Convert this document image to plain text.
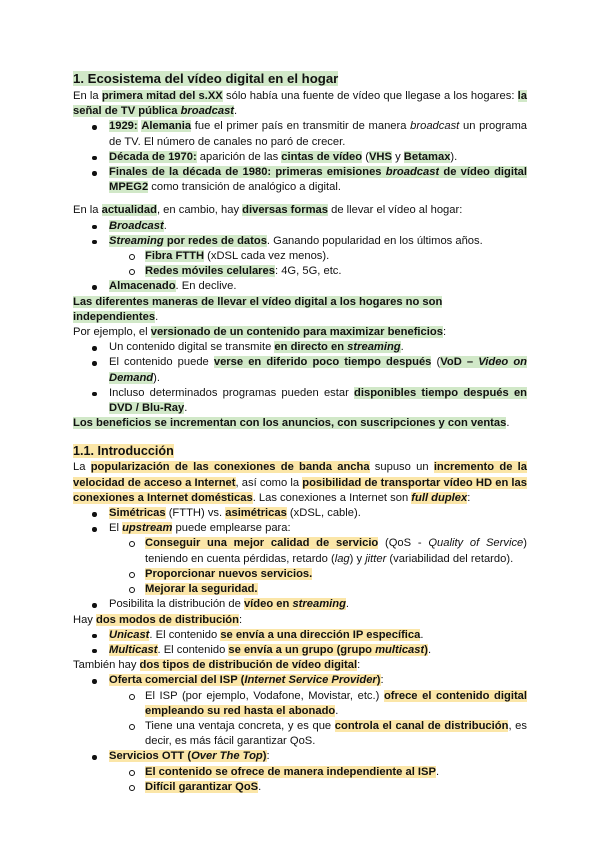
1. Ecosistema del vídeo digital en el hogar

En la primera mitad del s.XX sólo había una fuente de vídeo que llegase a los hogares: la señal de TV pública broadcast.

1929: Alemania fue el primer país en transmitir de manera broadcast un programa de TV. El número de canales no paró de crecer.
Década de 1970: aparición de las cintas de vídeo (VHS y Betamax).
Finales de la década de 1980: primeras emisiones broadcast de vídeo digital MPEG2 como transición de analógico a digital.

En la actualidad, en cambio, hay diversas formas de llevar el vídeo al hogar:

Broadcast.
Streaming por redes de datos. Ganando popularidad en los últimos años.
Fibra FTTH (xDSL cada vez menos).
Redes móviles celulares: 4G, 5G, etc.
Almacenado. En declive.

Las diferentes maneras de llevar el vídeo digital a los hogares no son independientes.

Por ejemplo, el versionado de un contenido para maximizar beneficios:

Un contenido digital se transmite en directo en streaming.
El contenido puede verse en diferido poco tiempo después (VoD – Video on Demand).
Incluso determinados programas pueden estar disponibles tiempo después en DVD / Blu-Ray.

Los beneficios se incrementan con los anuncios, con suscripciones y con ventas.

1.1. Introducción

La popularización de las conexiones de banda ancha supuso un incremento de la velocidad de acceso a Internet, así como la posibilidad de transportar vídeo HD en las conexiones a Internet domésticas. Las conexiones a Internet son full duplex:

Simétricas (FTTH) vs. asimétricas (xDSL, cable).
El upstream puede emplearse para:
Conseguir una mejor calidad de servicio (QoS - Quality of Service) teniendo en cuenta pérdidas, retardo (lag) y jitter (variabilidad del retardo).
Proporcionar nuevos servicios.
Mejorar la seguridad.
Posibilita la distribución de vídeo en streaming.

Hay dos modos de distribución:

Unicast. El contenido se envía a una dirección IP específica.
Multicast. El contenido se envía a un grupo (grupo multicast).

También hay dos tipos de distribución de vídeo digital:

Oferta comercial del ISP (Internet Service Provider):
El ISP (por ejemplo, Vodafone, Movistar, etc.) ofrece el contenido digital empleando su red hasta el abonado.
Tiene una ventaja concreta, y es que controla el canal de distribución, es decir, es más fácil garantizar QoS.
Servicios OTT (Over The Top):
El contenido se ofrece de manera independiente al ISP.
Difícil garantizar QoS.
